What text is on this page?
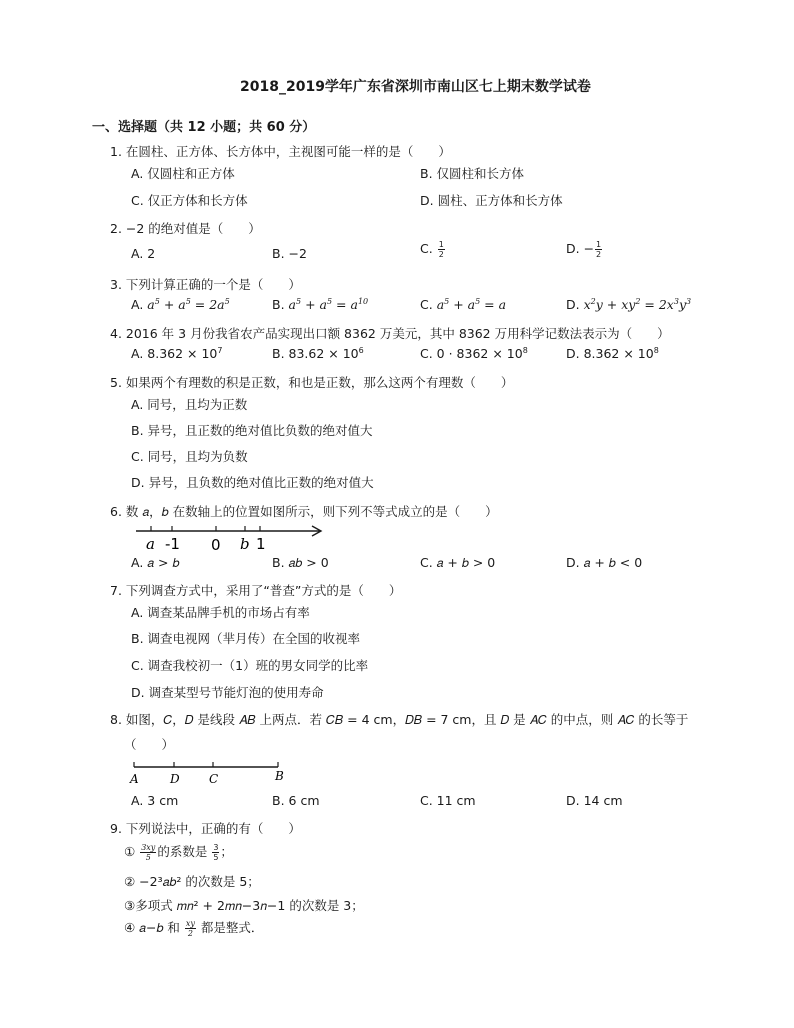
2018_2019学年广东省深圳市南山区七上期末数学试卷
一、选择题（共 12 小题；共 60 分）
1. 在圆柱、正方体、长方体中，主视图可能一样的是（　　）
A. 仅圆柱和正方体	B. 仅圆柱和长方体
C. 仅正方体和长方体	D. 圆柱、正方体和长方体
2. −2 的绝对值是（　　）
A. 2	B. −2	C. $\frac{1}{2}$	D. − $\frac{1}{2}$
3. 下列计算正确的一个是（　　）
A. $a^5 + a^5 = 2a^5$	B. $a^5 + a^5 = a^{10}$	C. $a^5 + a^5 = a$	D. $x^2y + xy^2 = 2x^3y^3$
4. 2016 年 3 月份我省农产品实现出口额 8362 万美元，其中 8362 万用科学记数法表示为（　　）
A. $8.362 \times 10^7$	B. $83.62 \times 10^6$	C. $0 \cdot 8362 \times 10^8$	D. $8.362 \times 10^8$
5. 如果两个有理数的积是正数，和也是正数，那么这两个有理数（　　）
A. 同号，且均为正数
B. 异号，且正数的绝对值比负数的绝对值大
C. 同号，且均为负数
D. 异号，且负数的绝对值比正数的绝对值大
6. 数 𝑎，𝑏 在数轴上的位置如图所示，则下列不等式成立的是（　　）
a -1 0 b 1
A. 𝑎 > 𝑏	B. 𝑎𝑏 > 0	C. 𝑎 + 𝑏 > 0	D. 𝑎 + 𝑏 < 0
7. 下列调查方式中，采用了“普查”方式的是（　　）
A. 调查某品牌手机的市场占有率
B. 调查电视网（芈月传）在全国的收视率
C. 调查我校初一（1）班的男女同学的比率
D. 调查某型号节能灯泡的使用寿命
8. 如图，𝐶，𝐷 是线段 𝐴𝐵 上两点．若 𝐶𝐵 = 4 cm，𝐷𝐵 = 7 cm，且 𝐷 是 𝐴𝐶 的中点，则 𝐴𝐶 的长等于
（　　）
A	D C	B
A. 3 cm	B. 6 cm	C. 11 cm	D. 14 cm
9. 下列说法中，正确的有（　　）
① $\frac{3xy}{5}$ 的系数是 $\frac{3}{5}$ ；
② −2³𝑎𝑏² 的次数是 5；
③多项式 𝑚𝑛² + 2𝑚𝑛−3𝑛−1 的次数是 3；
④ 𝑎−𝑏 和 $\frac{xy}{2}$ 都是整式．
